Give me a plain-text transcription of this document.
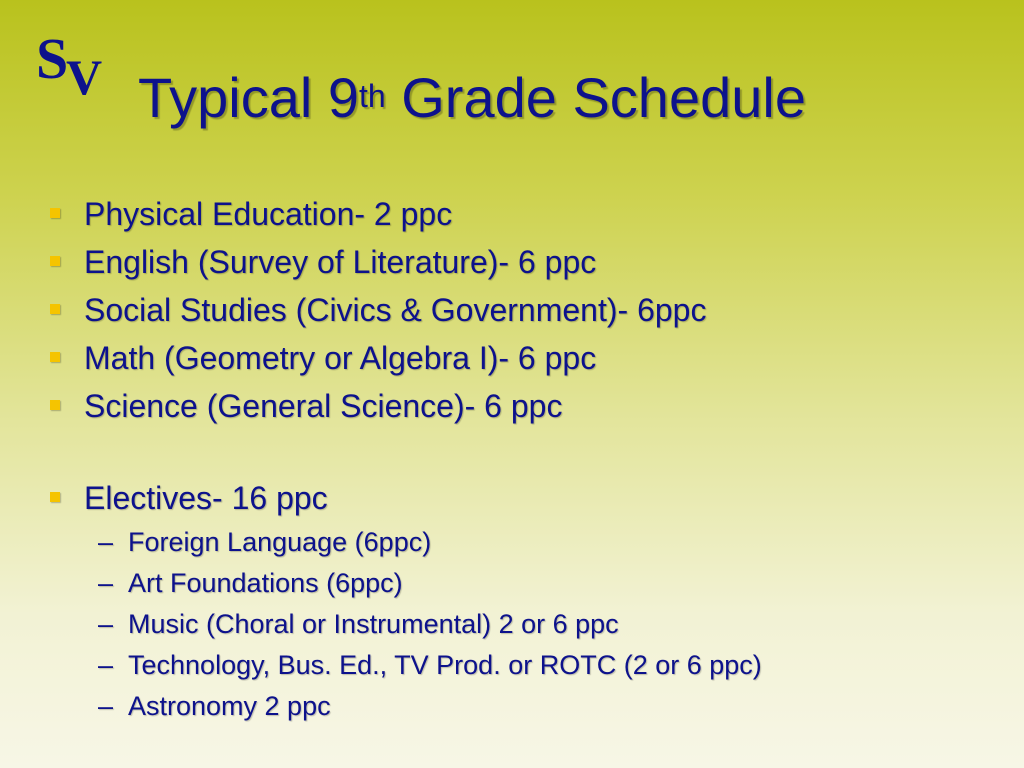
S
V Typical 9th Grade Schedule
Physical Education- 2 ppc
English (Survey of Literature)- 6 ppc
Social Studies (Civics & Government)- 6ppc
Math (Geometry or Algebra I)- 6 ppc
Science (General Science)- 6 ppc
Electives- 16 ppc
– Foreign Language (6ppc)
– Art Foundations (6ppc)
– Music (Choral or Instrumental) 2 or 6 ppc
– Technology, Bus. Ed., TV Prod. or ROTC (2 or 6 ppc)
– Astronomy 2 ppc
